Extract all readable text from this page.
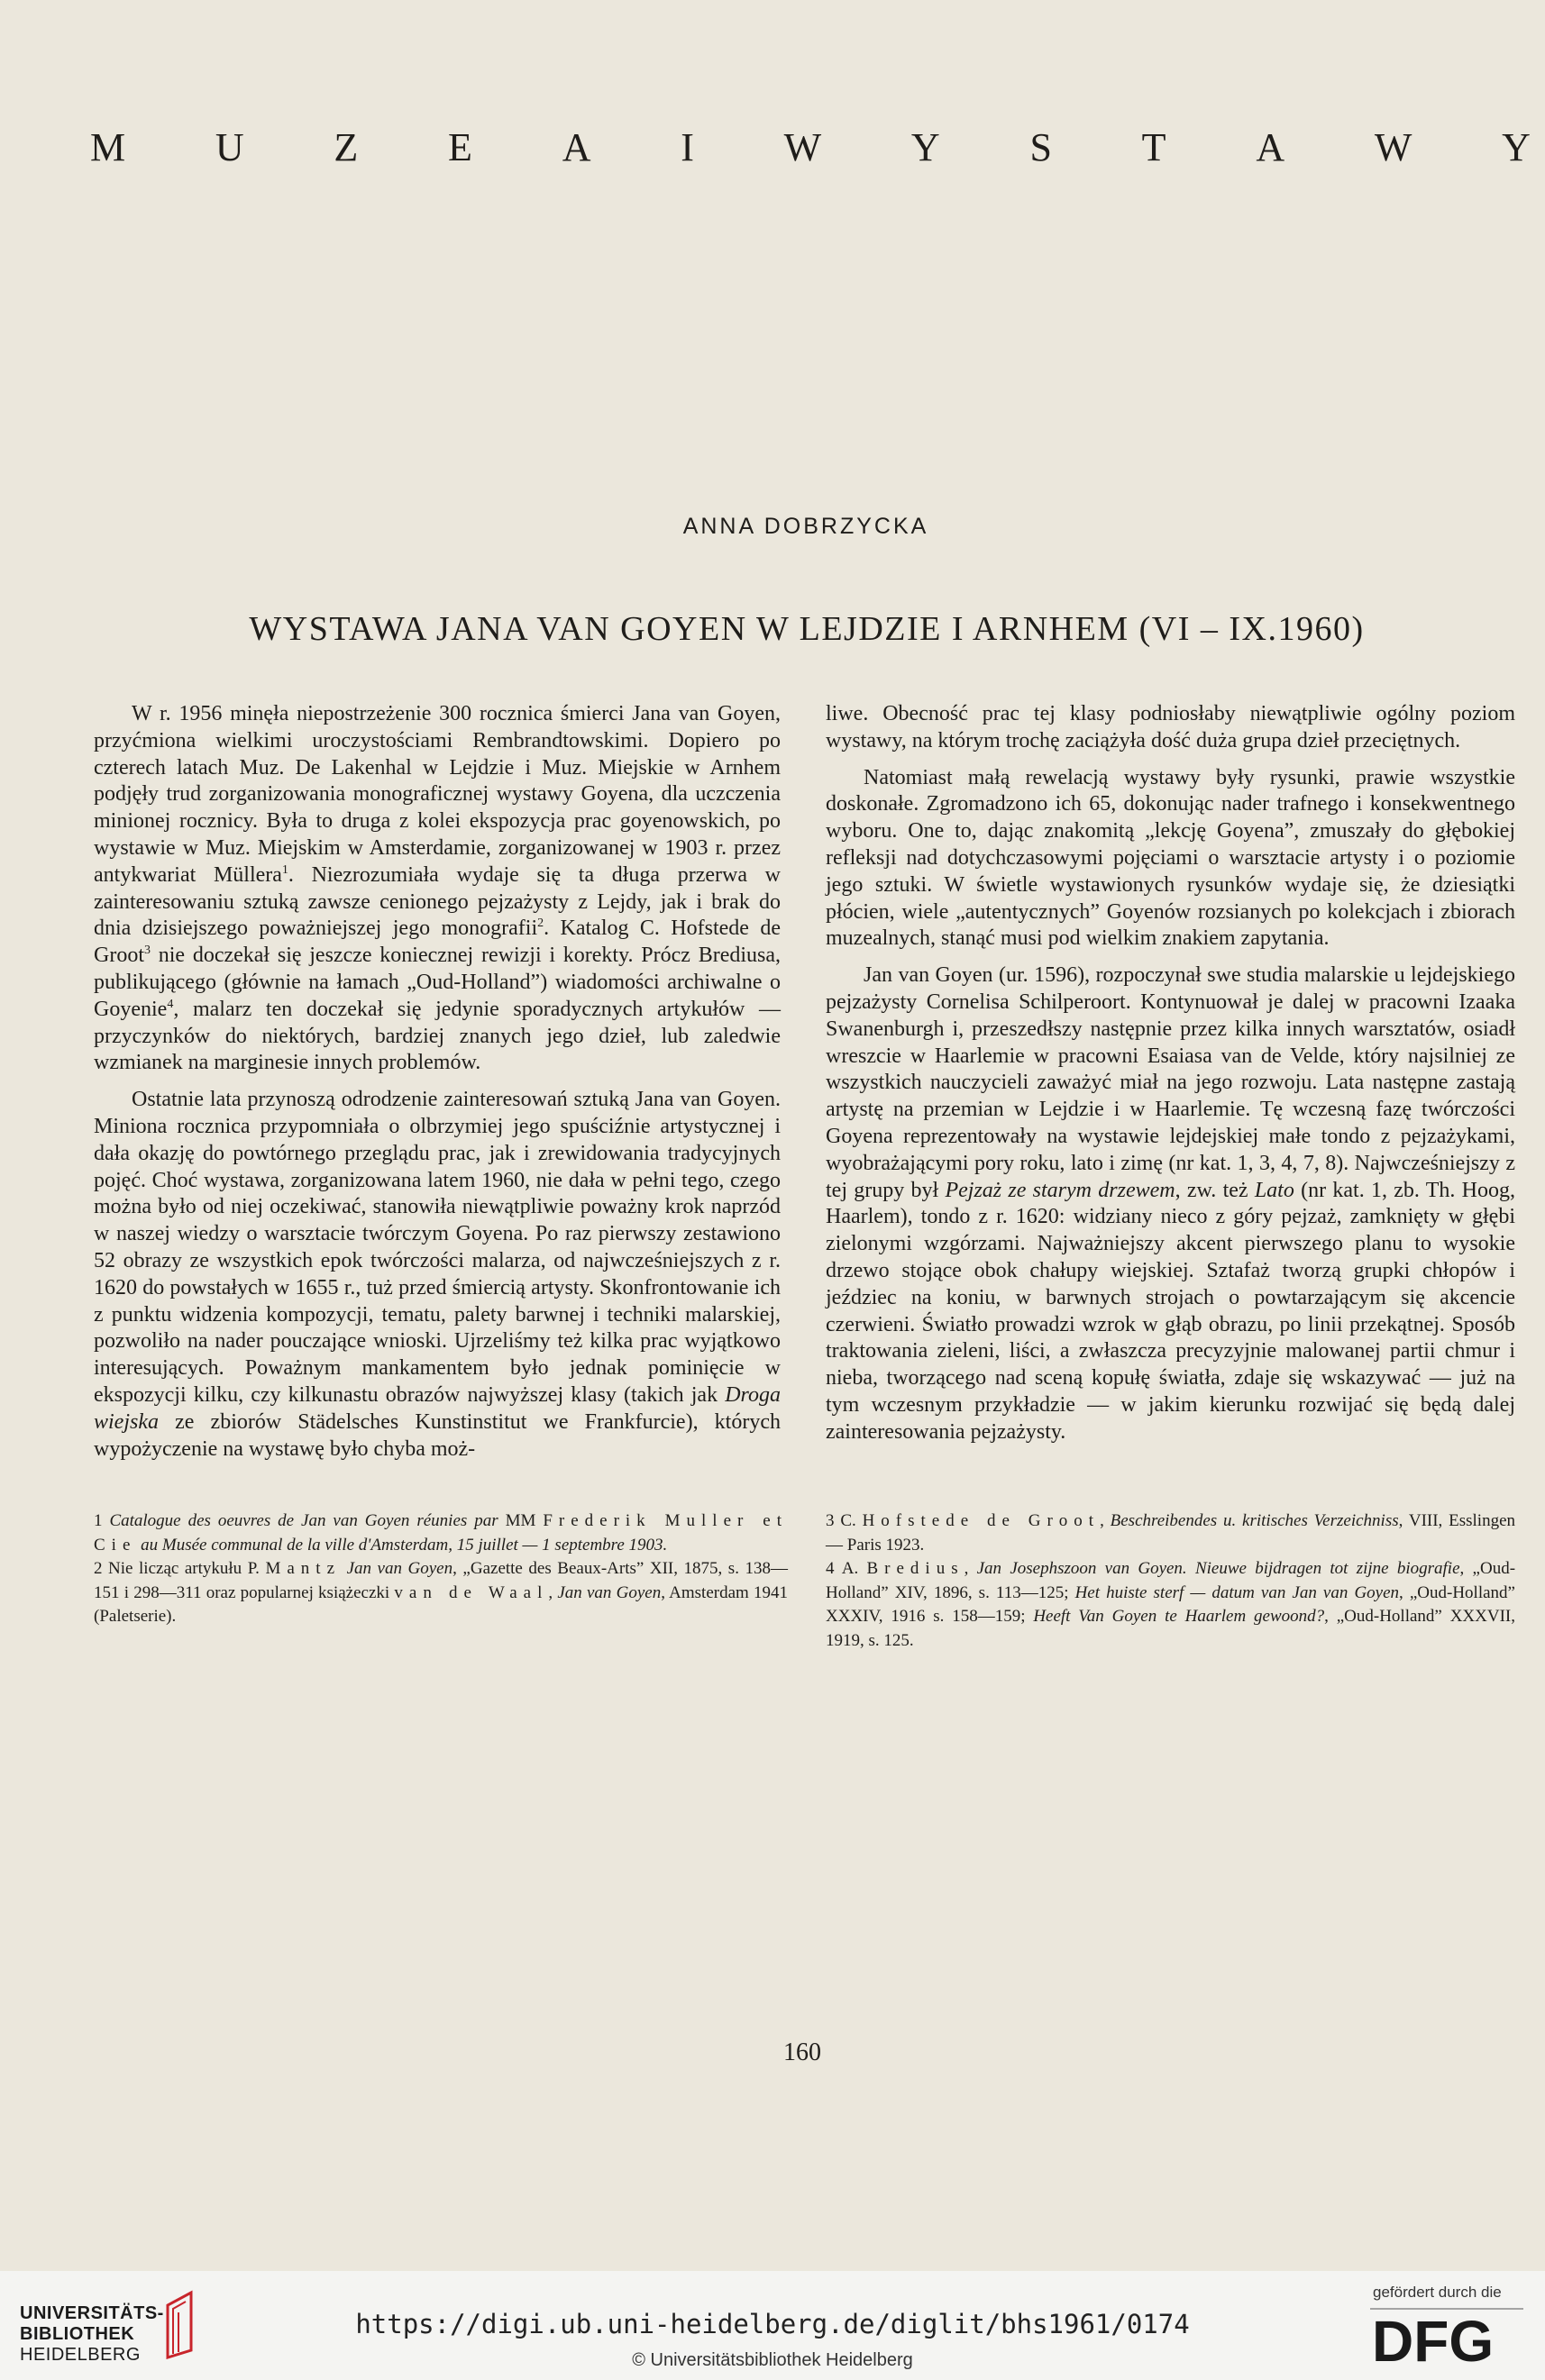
M U Z E A I W Y S T A W Y
ANNA DOBRZYCKA
WYSTAWA JANA VAN GOYEN W LEJDZIE I ARNHEM (VI – IX.1960)

W r. 1956 minęła niepostrzeżenie 300 rocznica śmierci Jana van Goyen, przyćmiona wielkimi uroczystościami Rembrandtowskimi. Dopiero po czterech latach Muz. De Lakenhal w Lejdzie i Muz. Miejskie w Arnhem podjęły trud zorganizowania monograficznej wystawy Goyena, dla uczczenia minionej rocznicy. Była to druga z kolei ekspozycja prac goyenowskich, po wystawie w Muz. Miejskim w Amsterdamie, zorganizowanej w 1903 r. przez antykwariat Müllera$^1$. Niezrozumiała wydaje się ta długa przerwa w zainteresowaniu sztuką zawsze cenionego pejzażysty z Lejdy, jak i brak do dnia dzisiejszego poważniejszej jego monografii$^2$. Katalog C. Hofstede de Groot$^3$ nie doczekał się jeszcze koniecznej rewizji i korekty. Prócz Brediusa, publikującego (głównie na łamach „Oud-Holland”) wiadomości archiwalne o Goyenie$^4$, malarz ten doczekał się jedynie sporadycznych artykułów — przyczynków do niektórych, bardziej znanych jego dzieł, lub zaledwie wzmianek na marginesie innych problemów.

Ostatnie lata przynoszą odrodzenie zainteresowań sztuką Jana van Goyen. Miniona rocznica przypomniała o olbrzymiej jego spuściźnie artystycznej i dała okazję do powtórnego przeglądu prac, jak i zrewidowania tradycyjnych pojęć. Choć wystawa, zorganizowana latem 1960, nie dała w pełni tego, czego można było od niej oczekiwać, stanowiła niewątpliwie poważny krok naprzód w naszej wiedzy o warsztacie twórczym Goyena. Po raz pierwszy zestawiono 52 obrazy ze wszystkich epok twórczości malarza, od najwcześniejszych z r. 1620 do powstałych w 1655 r., tuż przed śmiercią artysty. Skonfrontowanie ich z punktu widzenia kompozycji, tematu, palety barwnej i techniki malarskiej, pozwoliło na nader pouczające wnioski. Ujrzeliśmy też kilka prac wyjątkowo interesujących. Poważnym mankamentem było jednak pominięcie w ekspozycji kilku, czy kilkunastu obrazów najwyższej klasy (takich jak Droga wiejska ze zbiorów Städelsches Kunstinstitut we Frankfurcie), których wypożyczenie na wystawę było chyba moż-

liwe. Obecność prac tej klasy podniosłaby niewątpliwie ogólny poziom wystawy, na którym trochę zaciążyła dość duża grupa dzieł przeciętnych.

Natomiast małą rewelacją wystawy były rysunki, prawie wszystkie doskonałe. Zgromadzono ich 65, dokonując nader trafnego i konsekwentnego wyboru. One to, dając znakomitą „lekcję Goyena”, zmuszały do głębokiej refleksji nad dotychczasowymi pojęciami o warsztacie artysty i o poziomie jego sztuki. W świetle wystawionych rysunków wydaje się, że dziesiątki płócien, wiele „autentycznych” Goyenów rozsianych po kolekcjach i zbiorach muzealnych, stanąć musi pod wielkim znakiem zapytania.

Jan van Goyen (ur. 1596), rozpoczynał swe studia malarskie u lejdejskiego pejzażysty Cornelisa Schilperoort. Kontynuował je dalej w pracowni Izaaka Swanenburgh i, przeszedłszy następnie przez kilka innych warsztatów, osiadł wreszcie w Haarlemie w pracowni Esaiasa van de Velde, który najsilniej ze wszystkich nauczycieli zaważyć miał na jego rozwoju. Lata następne zastają artystę na przemian w Lejdzie i w Haarlemie. Tę wczesną fazę twórczości Goyena reprezentowały na wystawie lejdejskiej małe tondo z pejzażykami, wyobrażającymi pory roku, lato i zimę (nr kat. 1, 3, 4, 7, 8). Najwcześniejszy z tej grupy był Pejzaż ze starym drzewem, zw. też Lato (nr kat. 1, zb. Th. Hoog, Haarlem), tondo z r. 1620: widziany nieco z góry pejzaż, zamknięty w głębi zielonymi wzgórzami. Najważniejszy akcent pierwszego planu to wysokie drzewo stojące obok chałupy wiejskiej. Sztafaż tworzą grupki chłopów i jeździec na koniu, w barwnych strojach o powtarzającym się akcencie czerwieni. Światło prowadzi wzrok w głąb obrazu, po linii przekątnej. Sposób traktowania zieleni, liści, a zwłaszcza precyzyjnie malowanej partii chmur i nieba, tworzącego nad sceną kopułę światła, zdaje się wskazywać — już na tym wczesnym przykładzie — w jakim kierunku rozwijać się będą dalej zainteresowania pejzażysty.

1 Catalogue des oeuvres de Jan van Goyen réunies par MM Frederik Muller et Cie au Musée communal de la ville d'Amsterdam, 15 juillet — 1 septembre 1903.

2 Nie licząc artykułu P. Mantz Jan van Goyen, „Gazette des Beaux-Arts” XII, 1875, s. 138—151 i 298—311 oraz popularnej książeczki van de Waal, Jan van Goyen, Amsterdam 1941 (Paletserie).

3 C. Hofstede de Groot, Beschreibendes u. kritisches Verzeichniss, VIII, Esslingen — Paris 1923.

4 A. Bredius, Jan Josephszoon van Goyen. Nieuwe bijdragen tot zijne biografie, „Oud-Holland” XIV, 1896, s. 113—125; Het huiste sterf — datum van Jan van Goyen, „Oud-Holland” XXXIV, 1916 s. 158—159; Heeft Van Goyen te Haarlem gewoond?, „Oud-Holland” XXXVII, 1919, s. 125.

160
UNIVERSITÄTS-
BIBLIOTHEK
HEIDELBERG
https://digi.ub.uni-heidelberg.de/diglit/bhs1961/0174
© Universitätsbibliothek Heidelberg
gefördert durch die
DFG
